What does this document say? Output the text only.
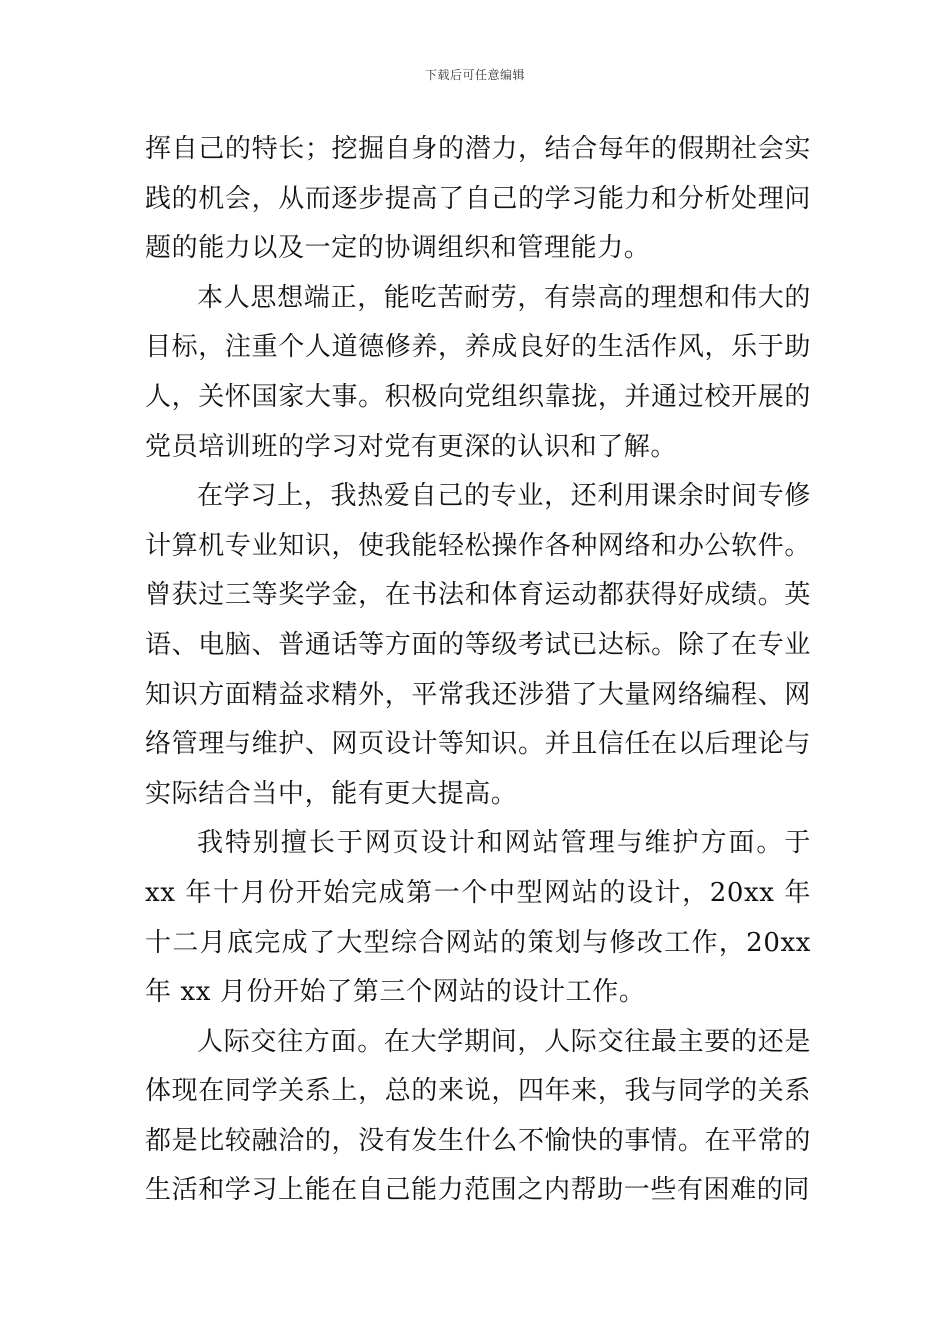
下载后可任意编辑

挥自己的特长；挖掘自身的潜力，结合每年的假期社会实践的机会，从而逐步提高了自己的学习能力和分析处理问题的能力以及一定的协调组织和管理能力。

本人思想端正，能吃苦耐劳，有崇高的理想和伟大的目标，注重个人道德修养，养成良好的生活作风，乐于助人，关怀国家大事。积极向党组织靠拢，并通过校开展的党员培训班的学习对党有更深的认识和了解。

在学习上，我热爱自己的专业，还利用课余时间专修计算机专业知识，使我能轻松操作各种网络和办公软件。曾获过三等奖学金，在书法和体育运动都获得好成绩。英语、电脑、普通话等方面的等级考试已达标。除了在专业知识方面精益求精外，平常我还涉猎了大量网络编程、网络管理与维护、网页设计等知识。并且信任在以后理论与实际结合当中，能有更大提高。

我特别擅长于网页设计和网站管理与维护方面。于 xx 年十月份开始完成第一个中型网站的设计，20xx 年十二月底完成了大型综合网站的策划与修改工作，20xx 年 xx 月份开始了第三个网站的设计工作。

人际交往方面。在大学期间，人际交往最主要的还是体现在同学关系上，总的来说，四年来，我与同学的关系都是比较融洽的，没有发生什么不愉快的事情。在平常的生活和学习上能在自己能力范围之内帮助一些有困难的同
